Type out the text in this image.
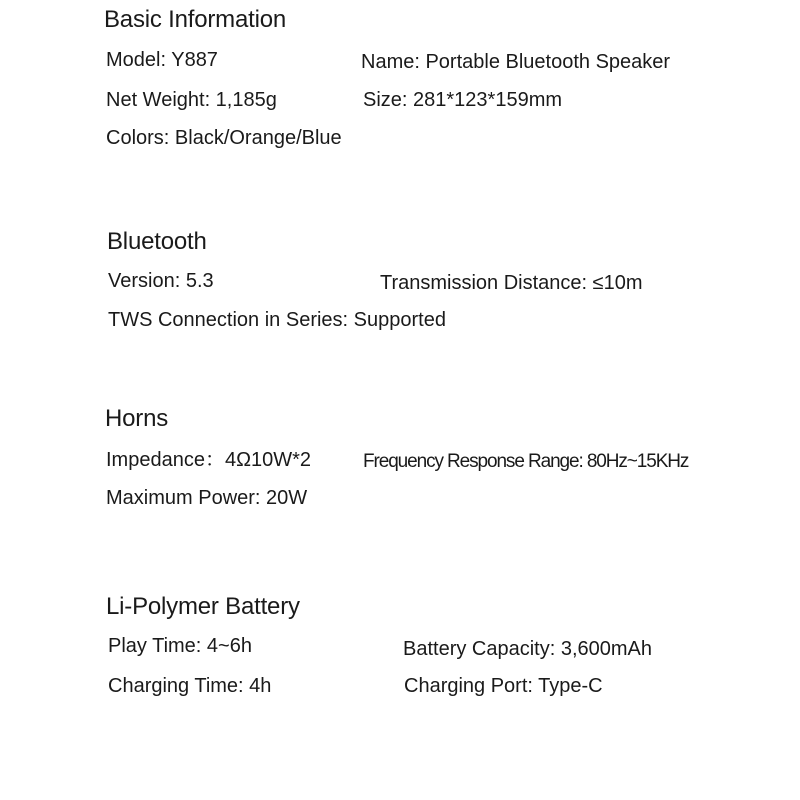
Basic Information

Model: Y887	Name: Portable Bluetooth Speaker

Net Weight: 1,185g	Size: 281*123*159mm

Colors: Black/Orange/Blue

Bluetooth

Version: 5.3	Transmission Distance: ≤10m

TWS Connection in Series: Supported

Horns

Impedance：4Ω10W*2	Frequency Response Range: 80Hz~15KHz

Maximum Power: 20W

Li-Polymer Battery

Play Time: 4~6h	Battery Capacity: 3,600mAh

Charging Time: 4h	Charging Port: Type-C
